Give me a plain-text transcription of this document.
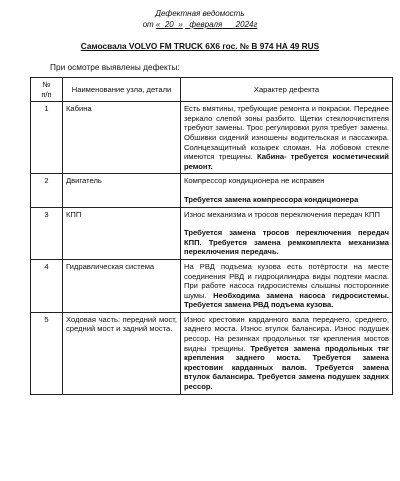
Дефектная ведомость
от « 20 » февраля 2024г
Самосвала VOLVO FM TRUCK 6X6 гос. № В 974 НА 49 RUS
При осмотре выявлены дефекты:
№
п/п	Наименование узла, детали	Характер дефекта
1	Кабина	Есть вмятины, требующие ремонта и покраски. Переднее зеркало слепой зоны разбито. Щетки стеклоочистителя требуют замены. Трос регулировки руля требует замены. Обшивки сидений изношены водительская и пассажира. Солнцезащитный козырек сломан. На лобовом стекле имеются трещины. Кабина- требуется косметический ремонт.
2	Двигатель	Компрессор кондиционера не исправен
Требуется замена компрессора кондиционера

3	КПП	Износ механизма и тросов переключения передач КПП
Требуется замена тросов переключения передач КПП. Требуется замена ремкомплекта механизма переключения передачь.

4	Гидравлическая система	На РВД подъема кузова есть потёртости на месте соединения РВД и гидроцилиндра виды подтеки масла. При работе насоса гидросистемы слышны посторонние шумы. Необходима замена насоса гидросистемы. Требуется замена РВД подъема кузова.
5	Ходовая часть: передний мост, средний мост и задний моста.	Износ крестовин карданного вала переднего, среднего, заднего моста. Износ втулок балансира. Износ подушек рессор. На резинках продольных тяг крепления мостов видны трещины. Требуется замена продольных тяг крепления заднего моста. Требуется замена крестовин карданных валов. Требуется замена втулок балансира. Требуется замена подушек задних рессор.
